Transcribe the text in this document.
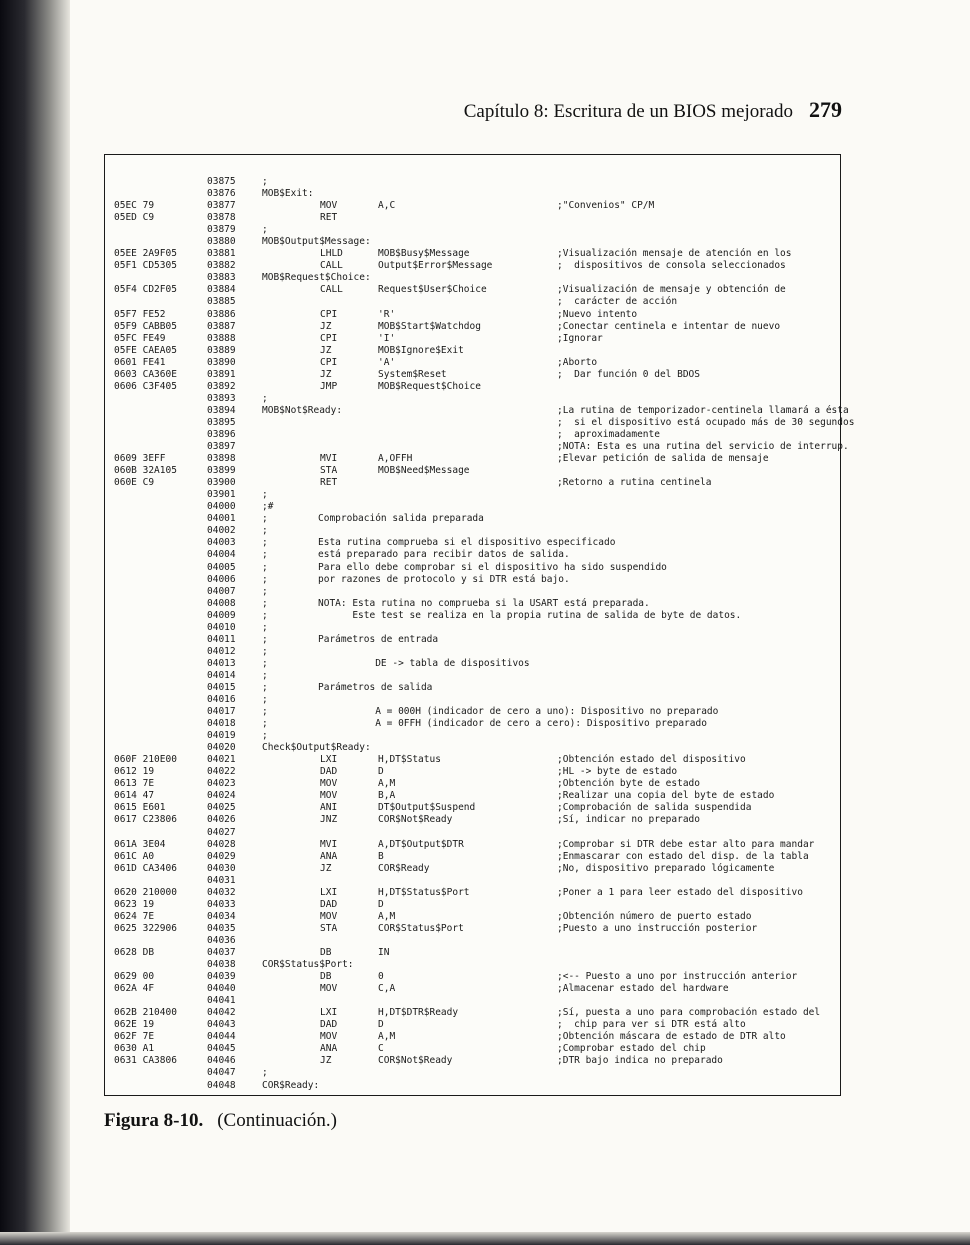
Capítulo 8: Escritura de un BIOS mejorado 279
03875	;
03876	MOB$Exit:
05EC 79	03877	MOV	A,C	;"Convenios" CP/M
05ED C9	03878	RET
03879	;
03880	MOB$Output$Message:
05EE 2A9F05	03881	LHLD	MOB$Busy$Message	;Visualización mensaje de atención en los
05F1 CD5305	03882	CALL	Output$Error$Message	;  dispositivos de consola seleccionados
03883	MOB$Request$Choice:
05F4 CD2F05	03884	CALL	Request$User$Choice	;Visualización de mensaje y obtención de
03885	;  carácter de acción
05F7 FE52	03886	CPI	'R'	;Nuevo intento
05F9 CABB05	03887	JZ	MOB$Start$Watchdog	;Conectar centinela e intentar de nuevo
05FC FE49	03888	CPI	'I'	;Ignorar
05FE CAEA05	03889	JZ	MOB$Ignore$Exit
0601 FE41	03890	CPI	'A'	;Aborto
0603 CA360E	03891	JZ	System$Reset	;  Dar función 0 del BDOS
0606 C3F405	03892	JMP	MOB$Request$Choice
03893	;
03894	MOB$Not$Ready:	;La rutina de temporizador-centinela llamará a ésta
03895	;  si el dispositivo está ocupado más de 30 segundos
03896	;  aproximadamente
03897	;NOTA: Esta es una rutina del servicio de interrup.
0609 3EFF	03898	MVI	A,OFFH	;Elevar petición de salida de mensaje
060B 32A105	03899	STA	MOB$Need$Message
060E C9	03900	RET	;Retorno a rutina centinela
03901	;
04000	;#
04001	;	Comprobación salida preparada
04002	;
04003	;	Esta rutina comprueba si el dispositivo especificado
04004	;	está preparado para recibir datos de salida.
04005	;	Para ello debe comprobar si el dispositivo ha sido suspendido
04006	;	por razones de protocolo y si DTR está bajo.
04007	;
04008	;	NOTA: Esta rutina no comprueba si la USART está preparada.
04009	;	Este test se realiza en la propia rutina de salida de byte de datos.
04010	;
04011	;	Parámetros de entrada
04012	;
04013	;	DE -> tabla de dispositivos
04014	;
04015	;	Parámetros de salida
04016	;
04017	;	A = 000H (indicador de cero a uno): Dispositivo no preparado
04018	;	A = 0FFH (indicador de cero a cero): Dispositivo preparado
04019	;
04020	Check$Output$Ready:
060F 210E00	04021	LXI	H,DT$Status	;Obtención estado del dispositivo
0612 19	04022	DAD	D	;HL -> byte de estado
0613 7E	04023	MOV	A,M	;Obtención byte de estado
0614 47	04024	MOV	B,A	;Realizar una copia del byte de estado
0615 E601	04025	ANI	DT$Output$Suspend	;Comprobación de salida suspendida
0617 C23806	04026	JNZ	COR$Not$Ready	;Sí, indicar no preparado
04027
061A 3E04	04028	MVI	A,DT$Output$DTR	;Comprobar si DTR debe estar alto para mandar
061C A0	04029	ANA	B	;Enmascarar con estado del disp. de la tabla
061D CA3406	04030	JZ	COR$Ready	;No, dispositivo preparado lógicamente
04031
0620 210000	04032	LXI	H,DT$Status$Port	;Poner a 1 para leer estado del dispositivo
0623 19	04033	DAD	D
0624 7E	04034	MOV	A,M	;Obtención número de puerto estado
0625 322906	04035	STA	COR$Status$Port	;Puesto a uno instrucción posterior
04036
0628 DB	04037	DB	IN
04038	COR$Status$Port:
0629 00	04039	DB	0	;<-- Puesto a uno por instrucción anterior
062A 4F	04040	MOV	C,A	;Almacenar estado del hardware
04041
062B 210400	04042	LXI	H,DT$DTR$Ready	;Sí, puesta a uno para comprobación estado del
062E 19	04043	DAD	D	;  chip para ver si DTR está alto
062F 7E	04044	MOV	A,M	;Obtención máscara de estado de DTR alto
0630 A1	04045	ANA	C	;Comprobar estado del chip
0631 CA3806	04046	JZ	COR$Not$Ready	;DTR bajo indica no preparado
04047	;
04048	COR$Ready:
Figura 8-10. (Continuación.)
